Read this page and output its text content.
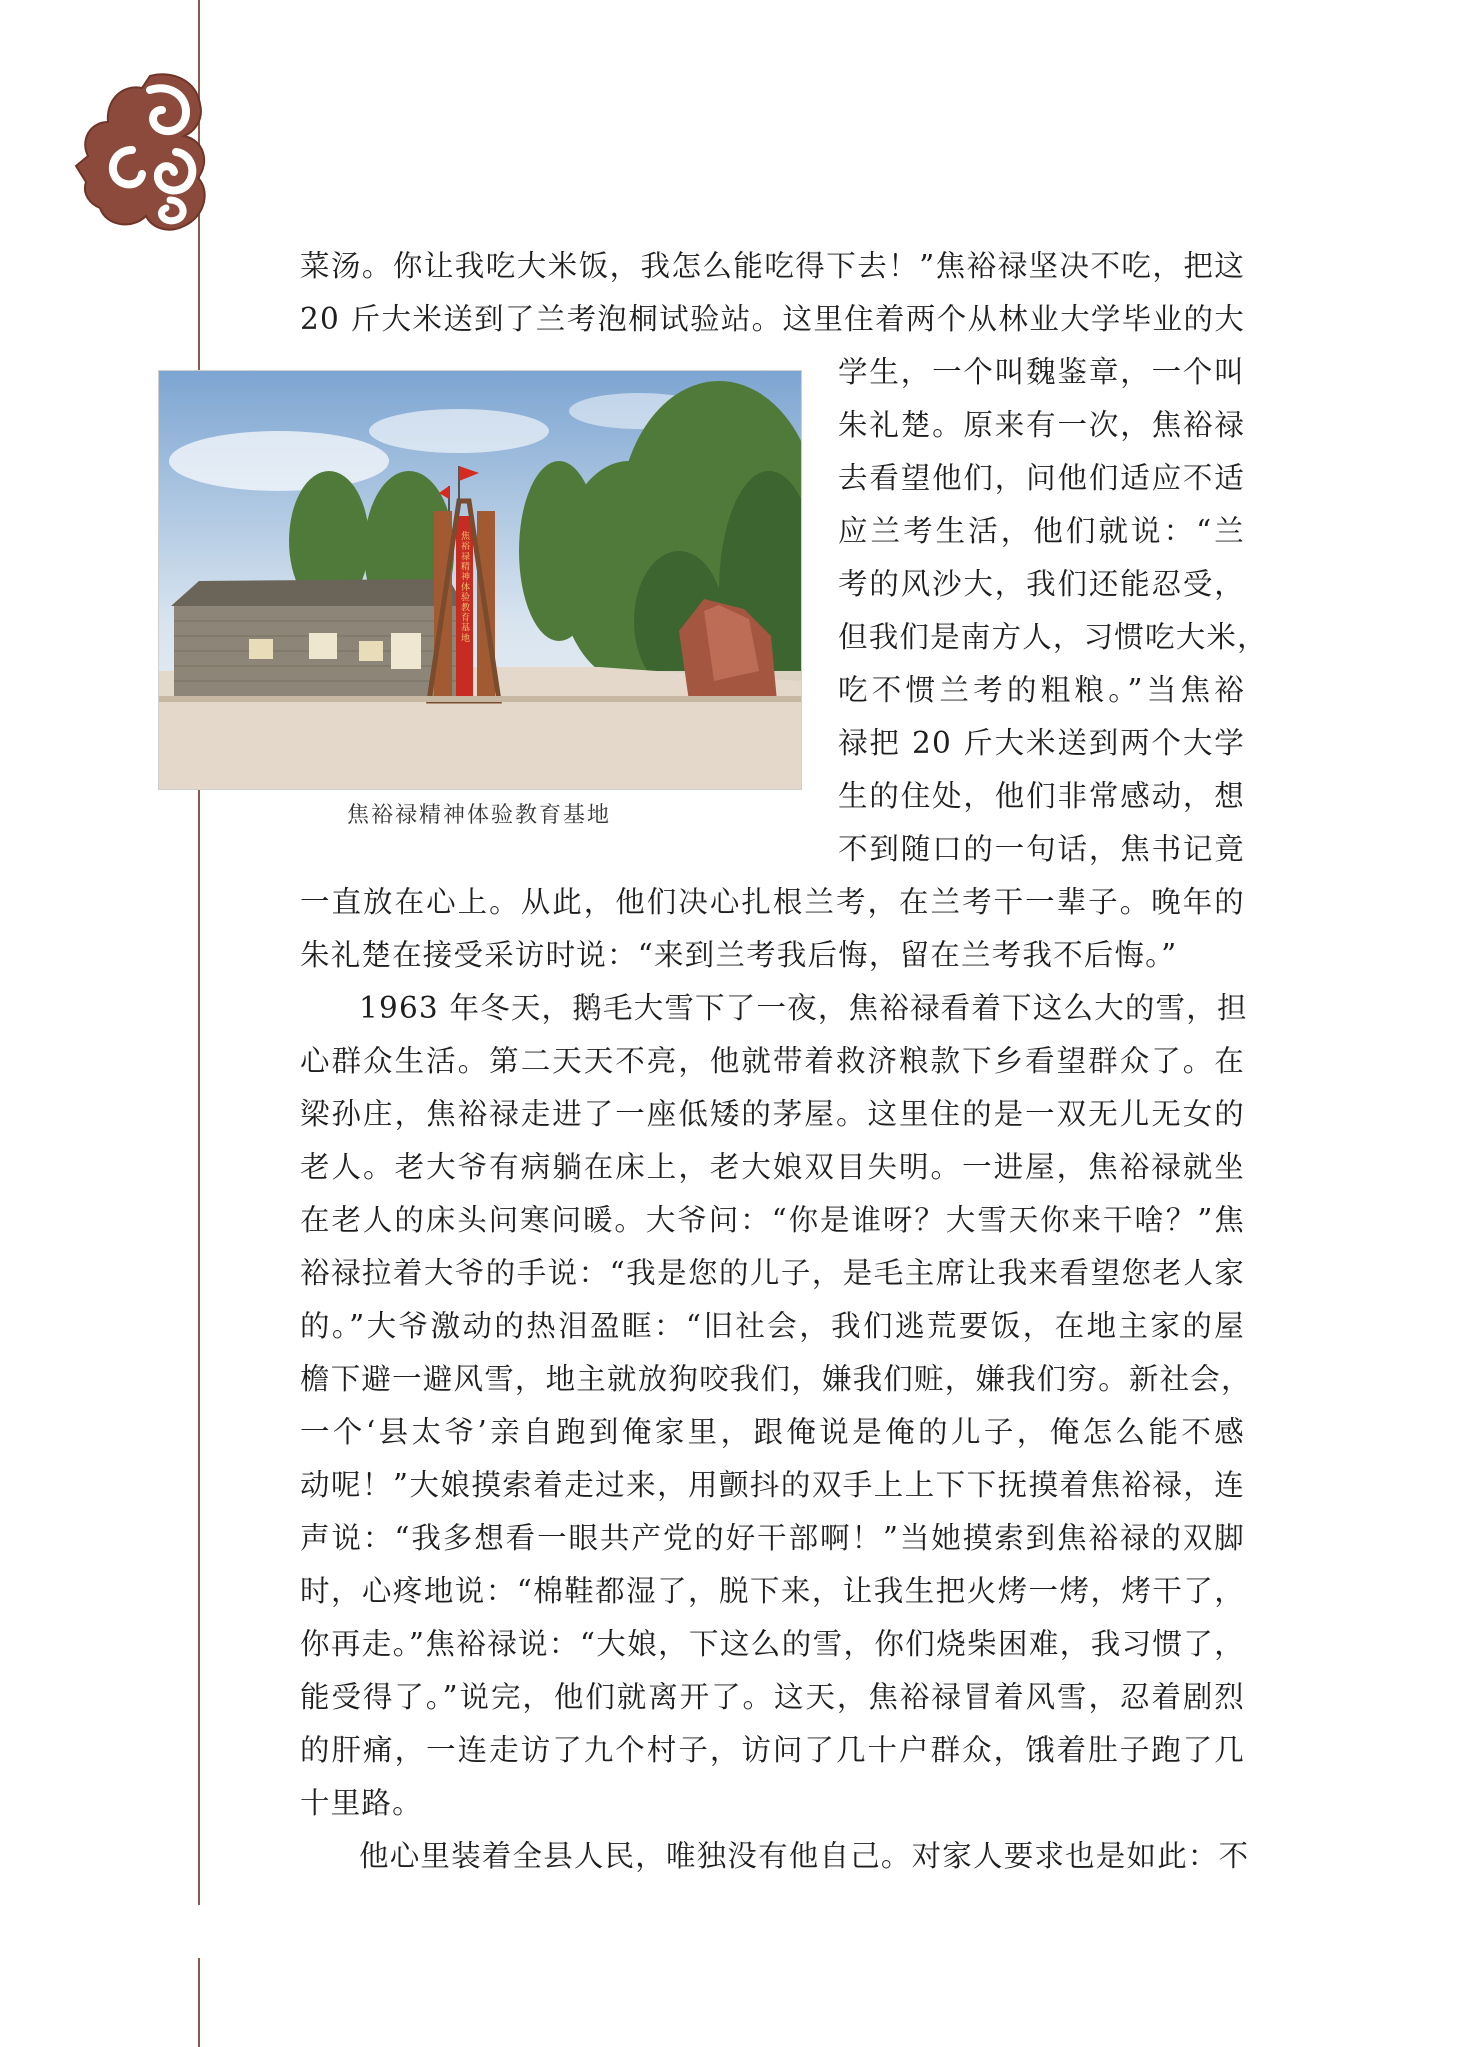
菜汤。你让我吃大米饭，我怎么能吃得下去！”焦裕禄坚决不吃，把这
20 斤大米送到了兰考泡桐试验站。这里住着两个从林业大学毕业的大
焦裕禄精神体验教育基地
焦裕禄精神体验教育基地
学生，一个叫魏鉴章，一个叫
朱礼楚。原来有一次，焦裕禄
去看望他们，问他们适应不适
应兰考生活，他们就说：“兰
考的风沙大，我们还能忍受，
但我们是南方人，习惯吃大米，
吃不惯兰考的粗粮。”当焦裕
禄把 20 斤大米送到两个大学
生的住处，他们非常感动，想
不到随口的一句话，焦书记竟
一直放在心上。从此，他们决心扎根兰考，在兰考干一辈子。晚年的
朱礼楚在接受采访时说：“来到兰考我后悔，留在兰考我不后悔。”
1963 年冬天，鹅毛大雪下了一夜，焦裕禄看着下这么大的雪，担
心群众生活。第二天天不亮，他就带着救济粮款下乡看望群众了。在
梁孙庄，焦裕禄走进了一座低矮的茅屋。这里住的是一双无儿无女的
老人。老大爷有病躺在床上，老大娘双目失明。一进屋，焦裕禄就坐
在老人的床头问寒问暖。大爷问：“你是谁呀？大雪天你来干啥？”焦
裕禄拉着大爷的手说：“我是您的儿子，是毛主席让我来看望您老人家
的。”大爷激动的热泪盈眶：“旧社会，我们逃荒要饭，在地主家的屋
檐下避一避风雪，地主就放狗咬我们，嫌我们赃，嫌我们穷。新社会，
一个‘县太爷’亲自跑到俺家里，跟俺说是俺的儿子，俺怎么能不感
动呢！”大娘摸索着走过来，用颤抖的双手上上下下抚摸着焦裕禄，连
声说：“我多想看一眼共产党的好干部啊！”当她摸索到焦裕禄的双脚
时，心疼地说：“棉鞋都湿了，脱下来，让我生把火烤一烤，烤干了，
你再走。”焦裕禄说：“大娘，下这么的雪，你们烧柴困难，我习惯了，
能受得了。”说完，他们就离开了。这天，焦裕禄冒着风雪，忍着剧烈
的肝痛，一连走访了九个村子，访问了几十户群众，饿着肚子跑了几
十里路。
他心里装着全县人民，唯独没有他自己。对家人要求也是如此：不
